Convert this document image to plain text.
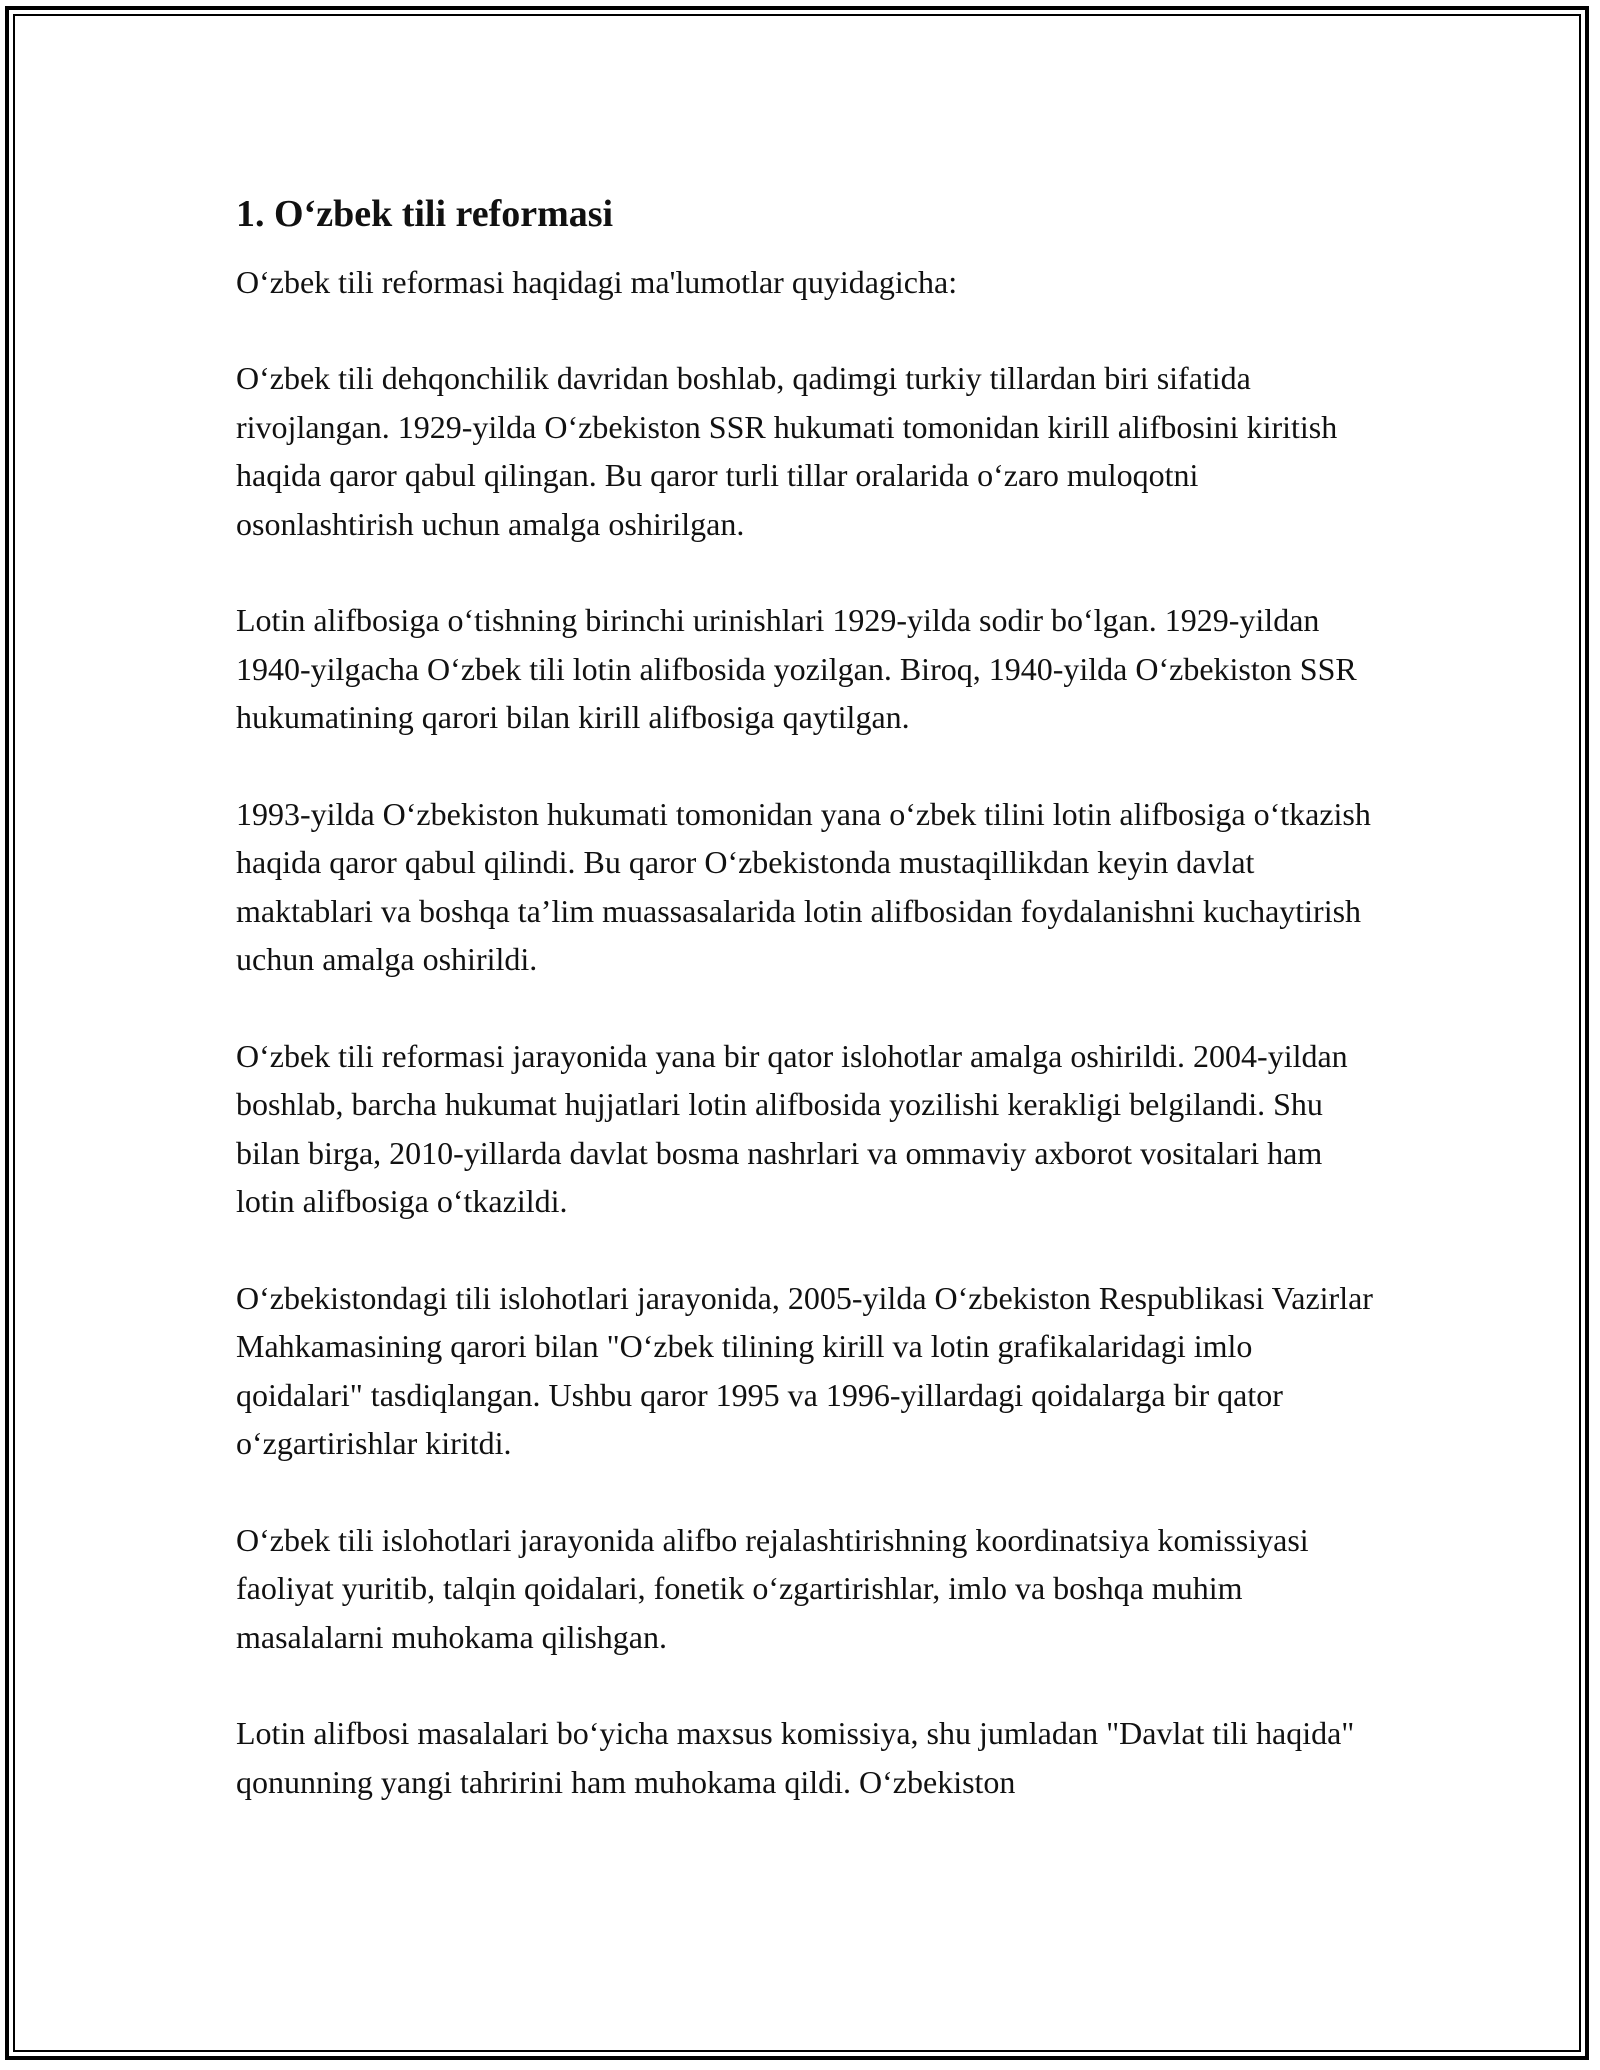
1. O‘zbek tili reformasi
O‘zbek tili reformasi haqidagi ma'lumotlar quyidagicha:
O‘zbek tili dehqonchilik davridan boshlab, qadimgi turkiy tillardan biri sifatida rivojlangan. 1929-yilda O‘zbekiston SSR hukumati tomonidan kirill alifbosini kiritish haqida qaror qabul qilingan. Bu qaror turli tillar oralarida o‘zaro muloqotni osonlashtirish uchun amalga oshirilgan.
Lotin alifbosiga o‘tishning birinchi urinishlari 1929-yilda sodir bo‘lgan. 1929-yildan 1940-yilgacha O‘zbek tili lotin alifbosida yozilgan. Biroq, 1940-yilda O‘zbekiston SSR hukumatining qarori bilan kirill alifbosiga qaytilgan.
1993-yilda O‘zbekiston hukumati tomonidan yana o‘zbek tilini lotin alifbosiga o‘tkazish haqida qaror qabul qilindi. Bu qaror O‘zbekistonda mustaqillikdan keyin davlat maktablari va boshqa ta’lim muassasalarida lotin alifbosidan foydalanishni kuchaytirish uchun amalga oshirildi.
O‘zbek tili reformasi jarayonida yana bir qator islohotlar amalga oshirildi. 2004-yildan boshlab, barcha hukumat hujjatlari lotin alifbosida yozilishi kerakligi belgilandi. Shu bilan birga, 2010-yillarda davlat bosma nashrlari va ommaviy axborot vositalari ham lotin alifbosiga o‘tkazildi.
O‘zbekistondagi tili islohotlari jarayonida, 2005-yilda O‘zbekiston Respublikasi Vazirlar Mahkamasining qarori bilan "O‘zbek tilining kirill va lotin grafikalaridagi imlo qoidalari" tasdiqlangan. Ushbu qaror 1995 va 1996-yillardagi qoidalarga bir qator o‘zgartirishlar kiritdi.
O‘zbek tili islohotlari jarayonida alifbo rejalashtirishning koordinatsiya komissiyasi faoliyat yuritib, talqin qoidalari, fonetik o‘zgartirishlar, imlo va boshqa muhim masalalarni muhokama qilishgan.
Lotin alifbosi masalalari bo‘yicha maxsus komissiya, shu jumladan "Davlat tili haqida" qonunning yangi tahririni ham muhokama qildi. O‘zbekiston
